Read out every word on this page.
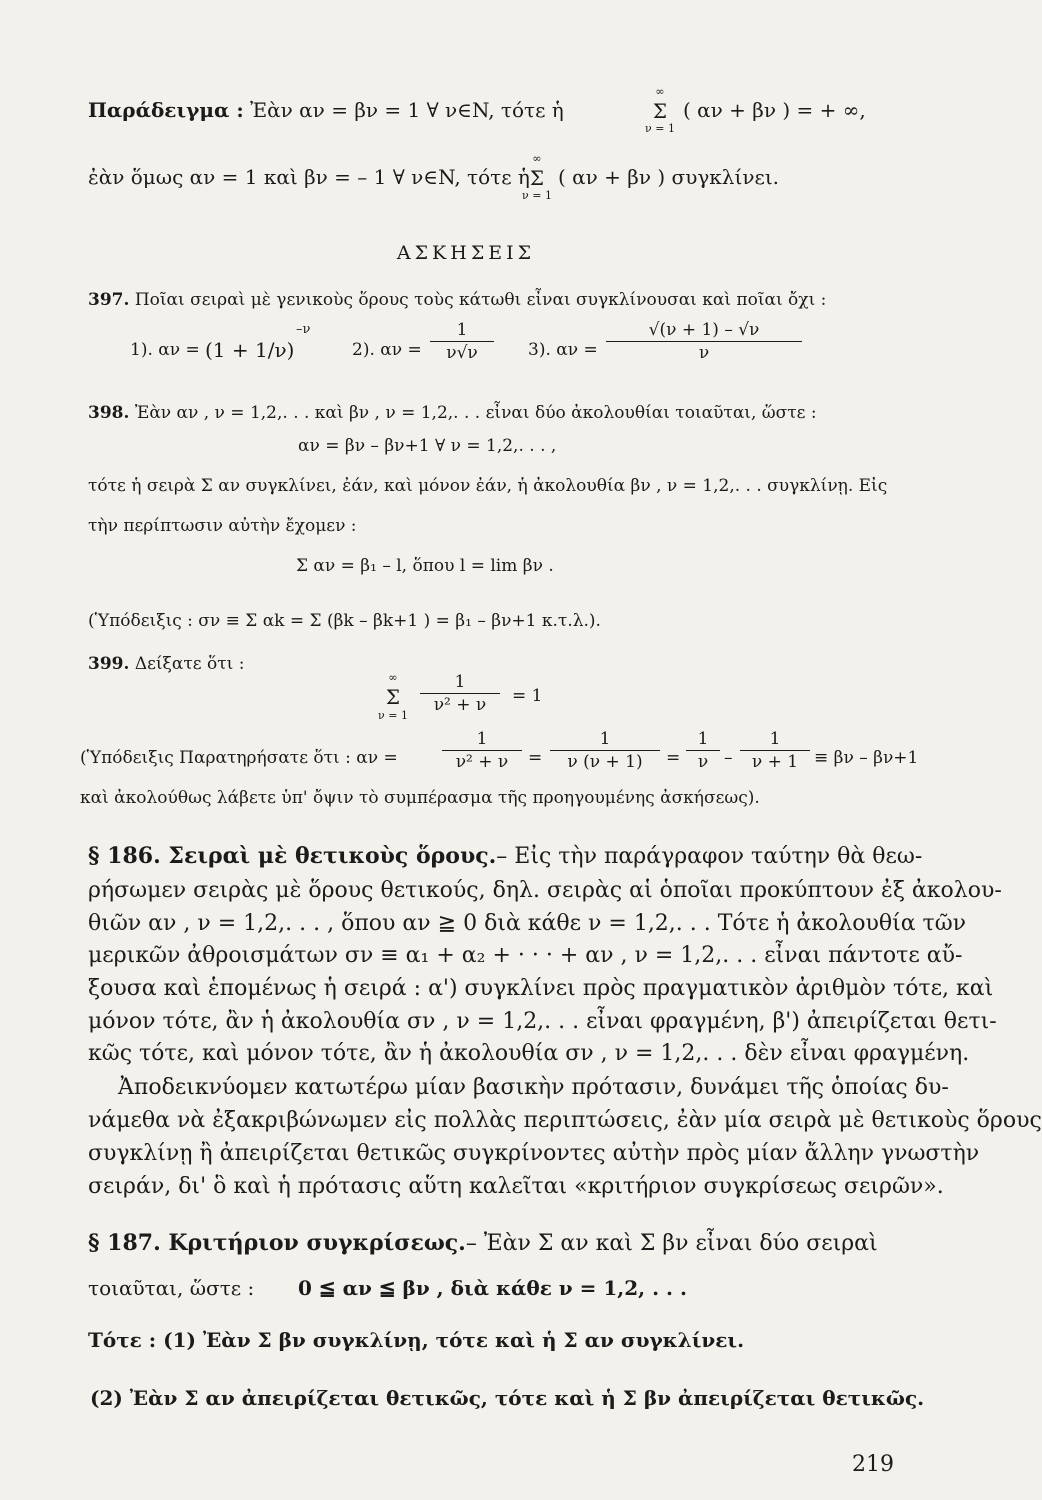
Παράδειγμα : Ἐὰν αν = βν = 1 ∀ ν∈N, τότε ἡ	Σ
∞
ν = 1
( αν + βν ) = + ∞,
ἐὰν ὅμως αν = 1 καὶ βν = – 1 ∀ ν∈N, τότε ἡ Σ
∞
ν = 1
( αν + βν ) συγκλίνει.
ΑΣΚΗΣΕΙΣ
397. Ποῖαι σειραὶ μὲ γενικοὺς ὅρους τοὺς κάτωθι εἶναι συγκλίνουσαι καὶ ποῖαι ὄχι :
1). αν = (1 + 1/ν)
–ν
2). $\alpha\nu = \frac{1}{\nu√\nu} 3$). $\alpha\nu = \frac{√(\nu + 1) - √\nu}{\nu}$
398. Ἐὰν αν , ν = 1,2,. . . καὶ βν , ν = 1,2,. . . εἶναι δύο ἀκολουθίαι τοιαῦται, ὥστε :
αν = βν – βν+1 ∀ ν = 1,2,. . . ,
τότε ἡ σειρὰ Σ αν συγκλίνει, ἐάν, καὶ μόνον ἐάν, ἡ ἀκολουθία βν , ν = 1,2,. . . συγκλίνῃ. Εἰς
τὴν περίπτωσιν αὐτὴν ἔχομεν :
Σ αν = β₁ – l, ὅπου l = lim βν .
(Ὑπόδειξις : σν ≡ Σ αk = Σ (βk – βk+1 ) = β₁ – βν+1 κ.τ.λ.).
399. Δείξατε ὅτι :
Σ
∞
ν = 1
$\frac{1}{\text{ν² + ν}} = 1$
(Ὑπόδειξις Παρατηρήσατε ὅτι : αν =	$\frac{1}{\text{ν² + ν}} = \frac{1}{\nu (\nu + 1)} = \frac{1}{\nu} - \frac{1}{\nu + 1} \equiv \beta\nu - \beta\nu+1$
καὶ ἀκολούθως λάβετε ὑπ' ὄψιν τὸ συμπέρασμα τῆς προηγουμένης ἀσκήσεως).
§ 186. Σειραὶ μὲ θετικοὺς ὅρους.– Εἰς τὴν παράγραφον ταύτην θὰ θεω-
ρήσωμεν σειρὰς μὲ ὅρους θετικούς, δηλ. σειρὰς αἱ ὁποῖαι προκύπτουν ἐξ ἀκολου-
θιῶν αν , ν = 1,2,. . . , ὅπου αν ≧ 0 διὰ κάθε ν = 1,2,. . . Τότε ἡ ἀκολουθία τῶν
μερικῶν ἀθροισμάτων σν ≡ α₁ + α₂ + · · · + αν , ν = 1,2,. . . εἶναι πάντοτε αὔ-
ξουσα καὶ ἑπομένως ἡ σειρά : α') συγκλίνει πρὸς πραγματικὸν ἀριθμὸν τότε, καὶ
μόνον τότε, ἂν ἡ ἀκολουθία σν , ν = 1,2,. . . εἶναι φραγμένη, β') ἀπειρίζεται θετι-
κῶς τότε, καὶ μόνον τότε, ἂν ἡ ἀκολουθία σν , ν = 1,2,. . . δὲν εἶναι φραγμένη.
Ἀποδεικνύομεν κατωτέρω μίαν βασικὴν πρότασιν, δυνάμει τῆς ὁποίας δυ-
νάμεθα νὰ ἐξακριβώνωμεν εἰς πολλὰς περιπτώσεις, ἐὰν μία σειρὰ μὲ θετικοὺς ὅρους
συγκλίνῃ ἢ ἀπειρίζεται θετικῶς συγκρίνοντες αὐτὴν πρὸς μίαν ἄλλην γνωστὴν
σειράν, δι' ὃ καὶ ἡ πρότασις αὕτη καλεῖται «κριτήριον συγκρίσεως σειρῶν».
§ 187. Κριτήριον συγκρίσεως.– Ἐὰν Σ αν καὶ Σ βν εἶναι δύο σειραὶ
τοιαῦται, ὥστε : 0 ≦ αν ≦ βν , διὰ κάθε ν = 1,2, . . .
Τότε : (1) Ἐὰν Σ βν συγκλίνῃ, τότε καὶ ἡ Σ αν συγκλίνει.
(2) Ἐὰν Σ αν ἀπειρίζεται θετικῶς, τότε καὶ ἡ Σ βν ἀπειρίζεται θετικῶς.
219
